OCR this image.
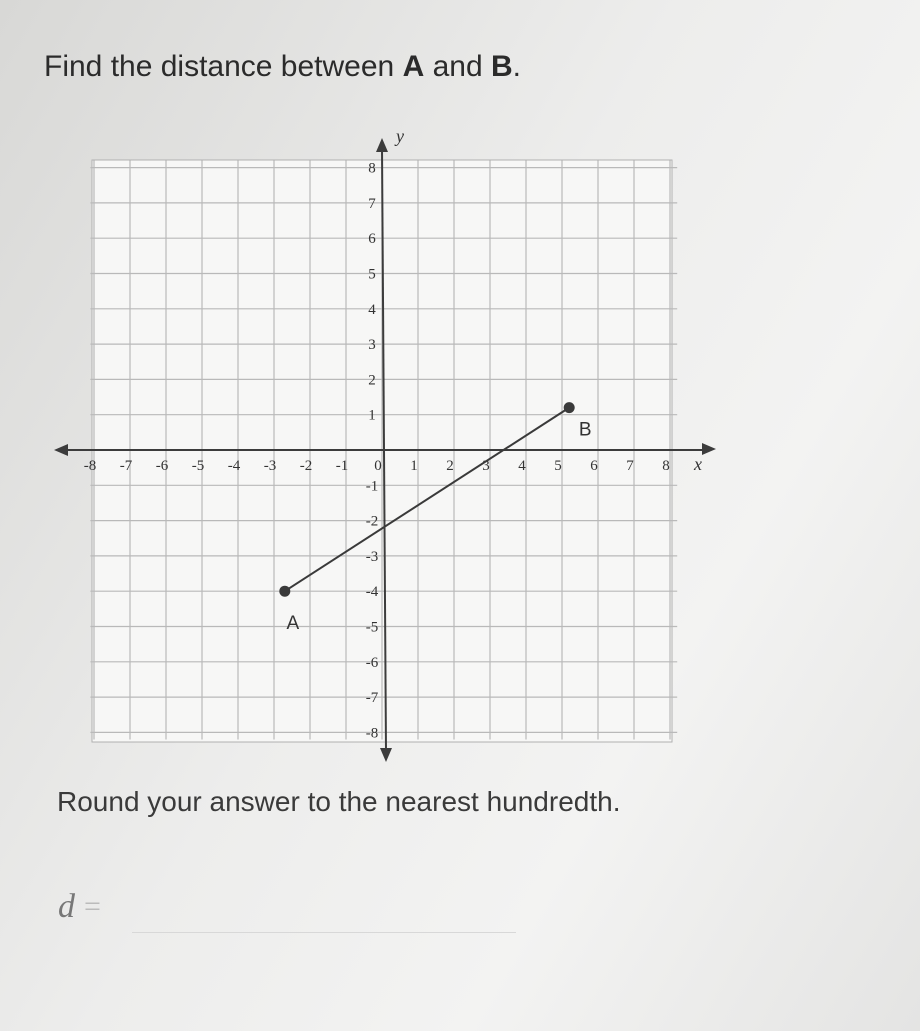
Find the distance between A and B.
x
y
-8 -7 -6 -5 -4 -3 -2 -1 0 1 2 3 4 5 6 7 8
8
7
6
5
4
3
2
1
-1
-2
-3
-4
-5
-6
-7
-8
A
B
Round your answer to the nearest hundredth.
d =
